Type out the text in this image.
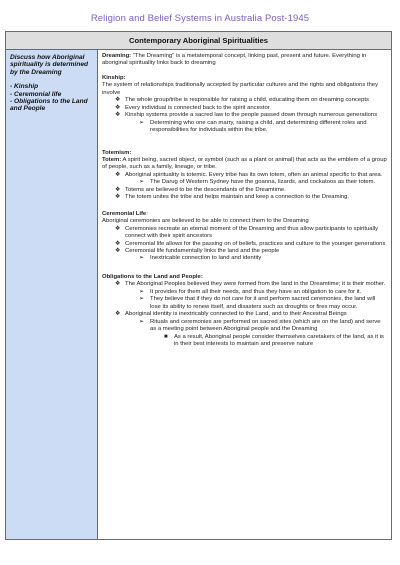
Religion and Belief Systems in Australia Post-1945
Contemporary Aboriginal Spiritualities
Discuss how Aboriginal spirituality is determined by the Dreaming
- Kinship
- Ceremonial life
- Obligations to the Land and People

Dreaming: "The Dreaming" is a metatemporal concept, linking past, present and future. Everything in aboriginal spirituality links back to dreaming

Kinship:

The system of relationships traditionally accepted by particular cultures and the rights and obligations they involve

❖ The whole group/tribe is responsible for raising a child, educating them on dreaming concepts
❖ Every individual is connected back to the spirit ancestor
❖ Kinship systems provide a sacred law to the people passed down through numerous generations
➢ Determining who one can marry, raising a child, and determining different roles and responsibilities for individuals within the tribe.

Totemism:

Totem: A spirit being, sacred object, or symbol (such as a plant or animal) that acts as the emblem of a group of people, such as a family, lineage, or tribe.

❖ Aboriginal spirituality is totemic. Every tribe has its own totem, often an animal specific to that area.
➢ The Darug of Western Sydney have the goanna, lizards, and cockatoos as their totem.
❖ Totems are believed to be the descendants of the Dreamtime.
❖ The totem unites the tribe and helps maintain and keep a connection to the Dreaming.

Ceremonial Life:

Aboriginal ceremonies are believed to be able to connect them to the Dreaming

❖ Ceremonies recreate an eternal moment of the Dreaming and thus allow participants to spiritually connect with their spirit ancestors
❖ Ceremonial life allows for the passing on of beliefs, practices and culture to the younger generations
❖ Ceremonial life fundamentally links the land and the people
➢ Inextricable connection to land and identity

Obligations to the Land and People:

❖ The Aboriginal Peoples believed they were formed from the land in the Dreamtime; it is their mother.
➢ It provides for them all their needs, and thus they have an obligation to care for it.
➢ They believe that if they do not care for it and perform sacred ceremonies, the land will lose its ability to renew itself, and disasters such as droughts or fires may occur.
❖ Aboriginal identity is inextricably connected to the Land, and to their Ancestral Beings
➢ Rituals and ceremonies are performed on sacred sites (which are on the land) and serve as a meeting point between Aboriginal people and the Dreaming
■ As a result, Aboriginal people consider themselves caretakers of the land, as it is in their best interests to maintain and preserve nature
